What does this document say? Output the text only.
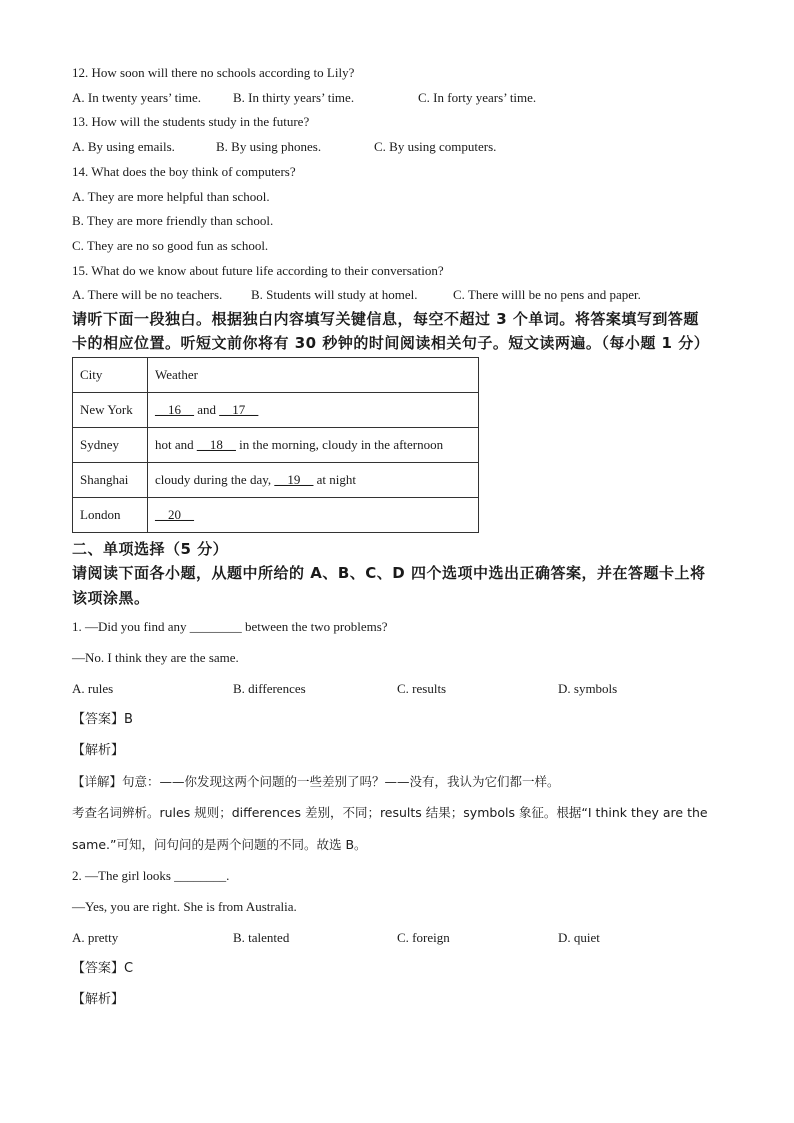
12. How soon will there no schools according to Lily?
A. In twenty years’ time. B. In thirty years’ time.	C. In forty years’ time.
13. How will the students study in the future?
A. By using emails.	B. By using phones.	C. By using computers.
14. What does the boy think of computers?
A. They are more helpful than school.
B. They are more friendly than school.
C. They are no so good fun as school.
15. What do we know about future life according to their conversation?
A. There will be no teachers. B. Students will study at homel.	C. There willl be no pens and paper.
请听下面一段独白。根据独白内容填写关键信息，每空不超过 3 个单词。将答案填写到答题
卡的相应位置。听短文前你将有 30 秒钟的时间阅读相关句子。短文读两遍。（每小题 1 分）
City	Weather
New York	__16__ and __17__
Sydney	hot and __18__ in the morning, cloudy in the afternoon
Shanghai	cloudy during the day, __19__ at night
London	__20__
二、单项选择（5 分）
请阅读下面各小题，从题中所给的 A、B、C、D 四个选项中选出正确答案，并在答题卡上将
该项涂黑。
1. —Did you find any ________ between the two problems?
—No. I think they are the same.
A. rules	B. differences	C. results	D. symbols
【答案】B
【解析】
【详解】句意：——你发现这两个问题的一些差别了吗？——没有，我认为它们都一样。
考查名词辨析。rules 规则；differences 差别，不同；results 结果；symbols 象征。根据“I think they are the
same.”可知，问句问的是两个问题的不同。故选 B。
2. —The girl looks ________.
—Yes, you are right. She is from Australia.
A. pretty	B. talented	C. foreign	D. quiet
【答案】C
【解析】
